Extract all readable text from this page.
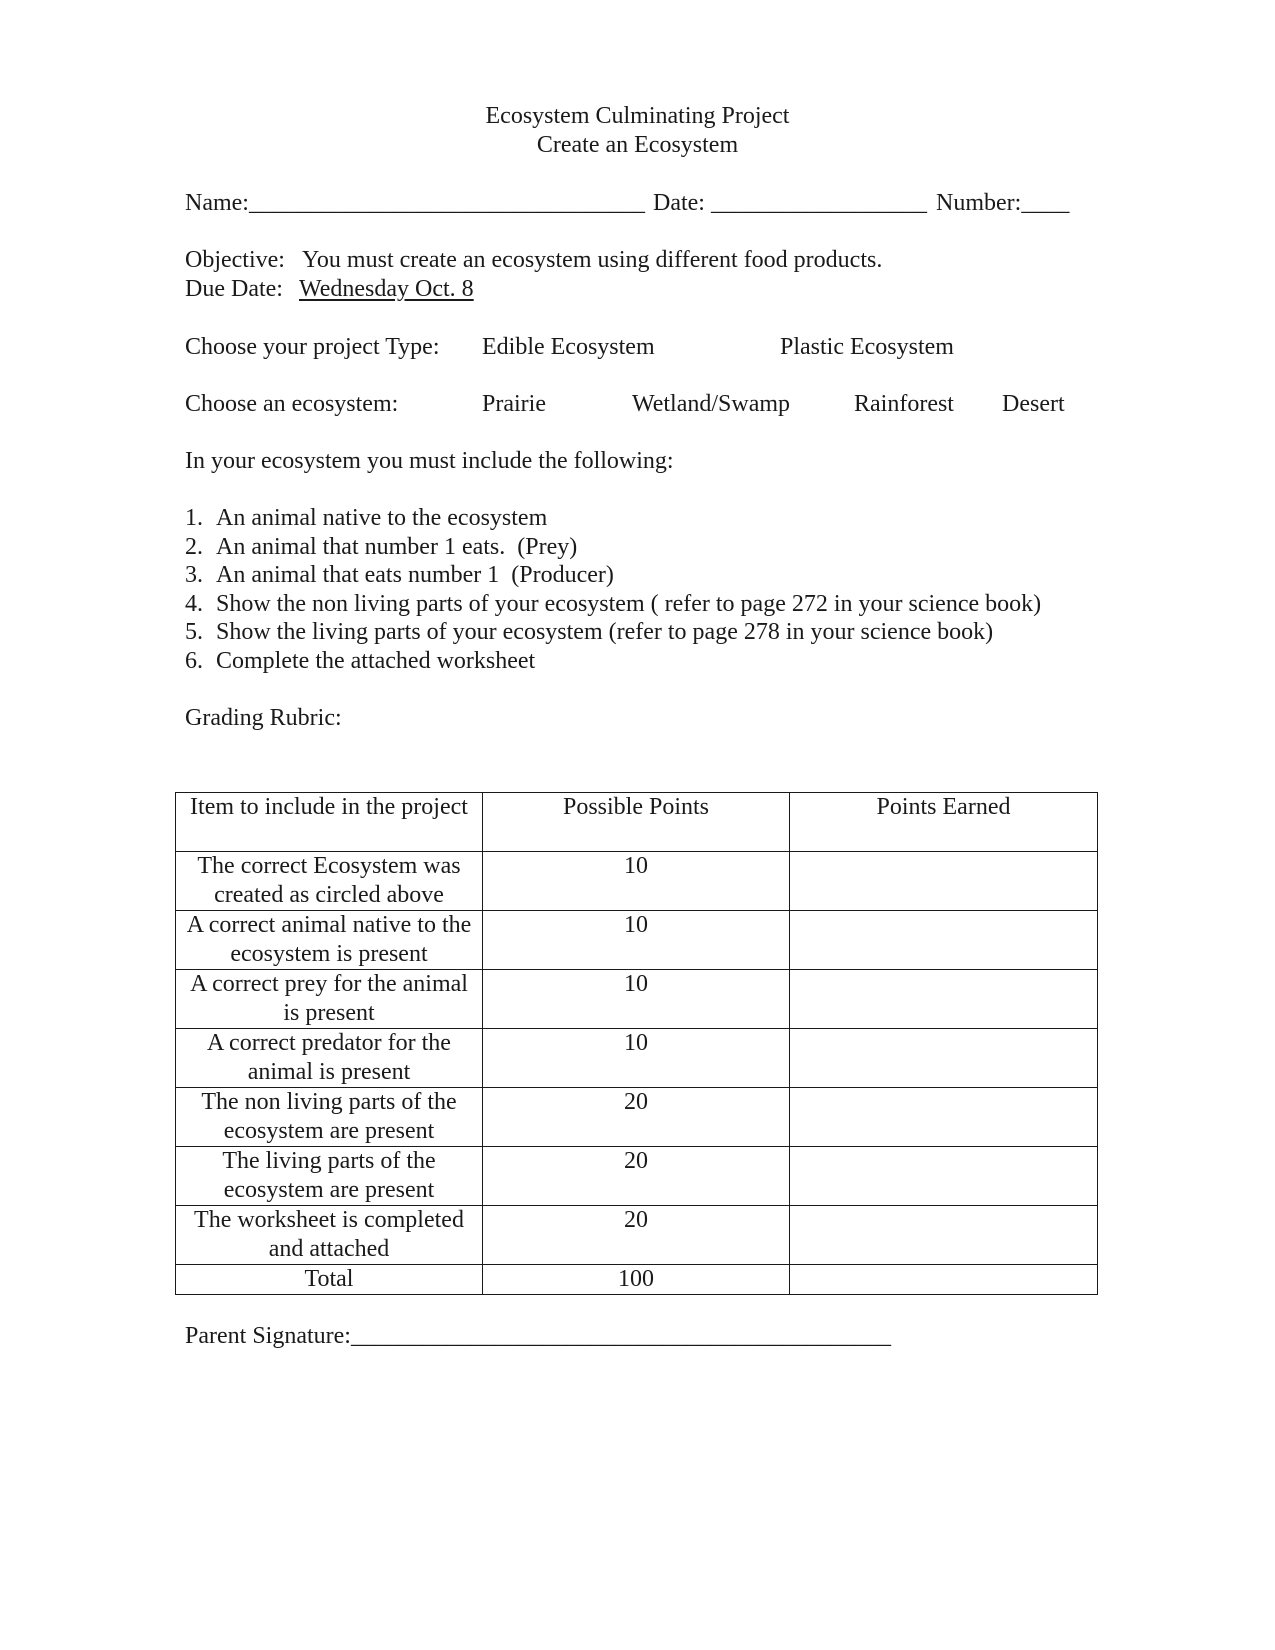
Ecosystem Culminating Project
Create an Ecosystem
Name:_________________________________ Date: __________________ Number:____
Objective: You must create an ecosystem using different food products.
Due Date: Wednesday Oct. 8
Choose your project Type: Edible Ecosystem	Plastic Ecosystem
Choose an ecosystem:	Prairie	Wetland/Swamp	Rainforest Desert
In your ecosystem you must include the following:
1. An animal native to the ecosystem
2. An animal that number 1 eats.  (Prey)
3. An animal that eats number 1  (Producer)
4. Show the non living parts of your ecosystem ( refer to page 272 in your science book)
5. Show the living parts of your ecosystem (refer to page 278 in your science book)
6. Complete the attached worksheet
Grading Rubric:
Item to include in the project	Possible Points	Points Earned
The correct Ecosystem was created as circled above	10	
A correct animal native to the ecosystem is present	10	
A correct prey for the animal is present	10	
A correct predator for the animal is present	10	
The non living parts of the ecosystem are present	20	
The living parts of the ecosystem are present	20	
The worksheet is completed and attached	20	
Total	100	
Parent Signature:_____________________________________________
